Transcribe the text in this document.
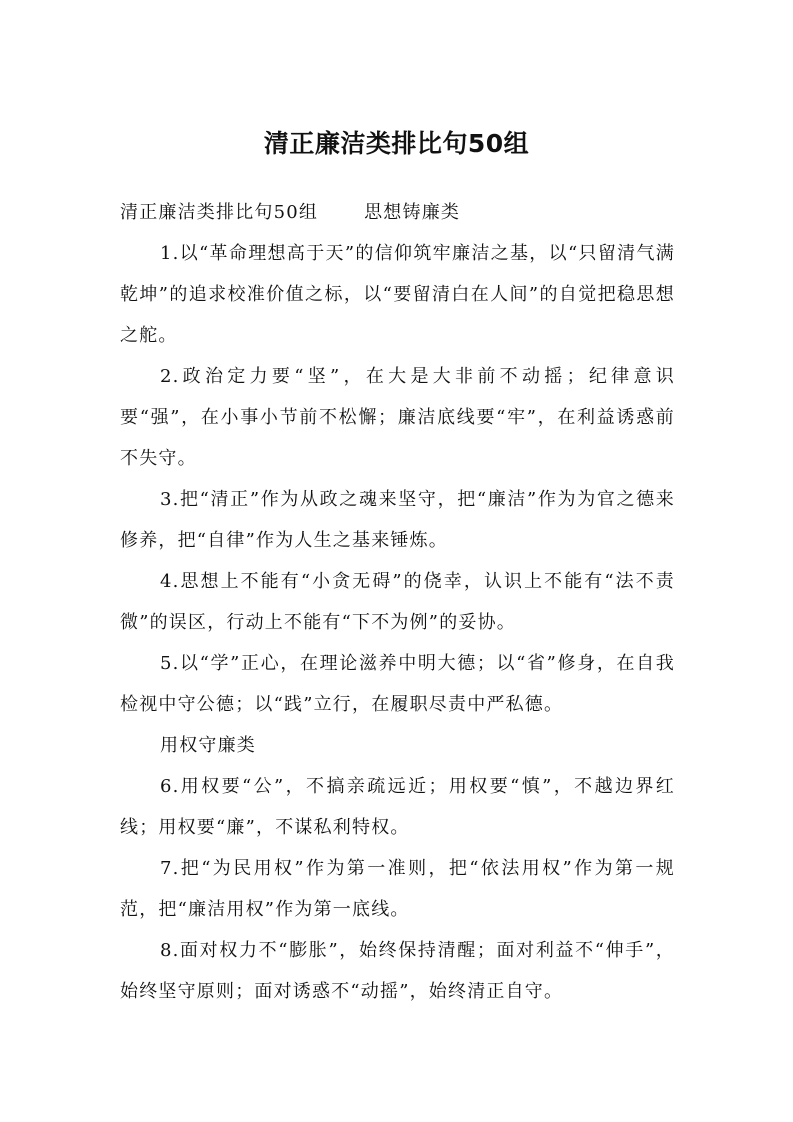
清正廉洁类排比句50组

清正廉洁类排比句50组	思想铸廉类

1.以“革命理想高于天”的信仰筑牢廉洁之基，以“只留清气满乾坤”的追求校准价值之标，以“要留清白在人间”的自觉把稳思想之舵。

2.政治定力要“坚”，在大是大非前不动摇；纪律意识要“强”，在小事小节前不松懈；廉洁底线要“牢”，在利益诱惑前不失守。

3.把“清正”作为从政之魂来坚守，把“廉洁”作为为官之德来修养，把“自律”作为人生之基来锤炼。

4.思想上不能有“小贪无碍”的侥幸，认识上不能有“法不责微”的误区，行动上不能有“下不为例”的妥协。

5.以“学”正心，在理论滋养中明大德；以“省”修身，在自我检视中守公德；以“践”立行，在履职尽责中严私德。

用权守廉类

6.用权要“公”，不搞亲疏远近；用权要“慎”，不越边界红线；用权要“廉”，不谋私利特权。

7.把“为民用权”作为第一准则，把“依法用权”作为第一规范，把“廉洁用权”作为第一底线。

8.面对权力不“膨胀”，始终保持清醒；面对利益不“伸手”，始终坚守原则；面对诱惑不“动摇”，始终清正自守。
